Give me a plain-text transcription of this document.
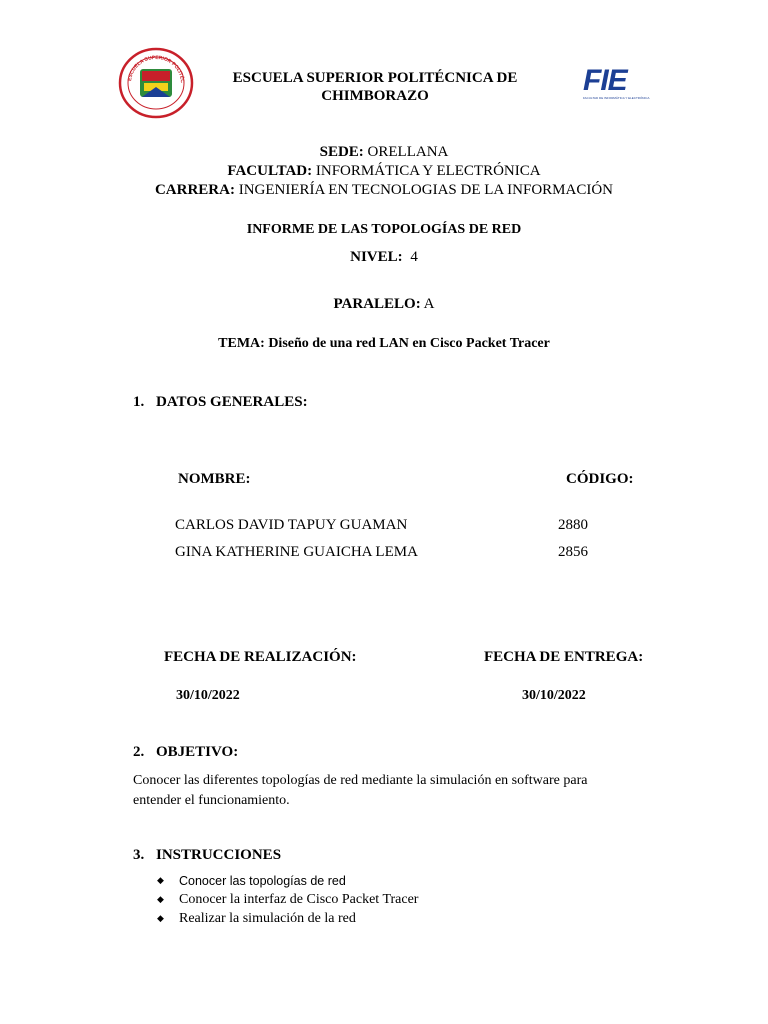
ESCUELA SUPERIOR POLITÉC	ESCUELA SUPERIOR POLITÉCNICA DE
CHIMBORAZO	FIE
FACULTAD DE INFORMÁTICA Y ELECTRÓNICA
SEDE: ORELLANA
FACULTAD: INFORMÁTICA Y ELECTRÓNICA
CARRERA: INGENIERÍA EN TECNOLOGIAS DE LA INFORMACIÓN
INFORME DE LAS TOPOLOGÍAS DE RED
NIVEL: 4
PARALELO: A
TEMA: Diseño de una red LAN en Cisco Packet Tracer
1. DATOS GENERALES:
NOMBRE:	CÓDIGO:
CARLOS DAVID TAPUY GUAMAN	2880
GINA KATHERINE GUAICHA LEMA	2856
FECHA DE REALIZACIÓN:	FECHA DE ENTREGA:
30/10/2022	30/10/2022
2. OBJETIVO:
Conocer las diferentes topologías de red mediante la simulación en software para
entender el funcionamiento.
3. INSTRUCCIONES
◆ Conocer las topologías de red
◆ Conocer la interfaz de Cisco Packet Tracer
◆ Realizar la simulación de la red
